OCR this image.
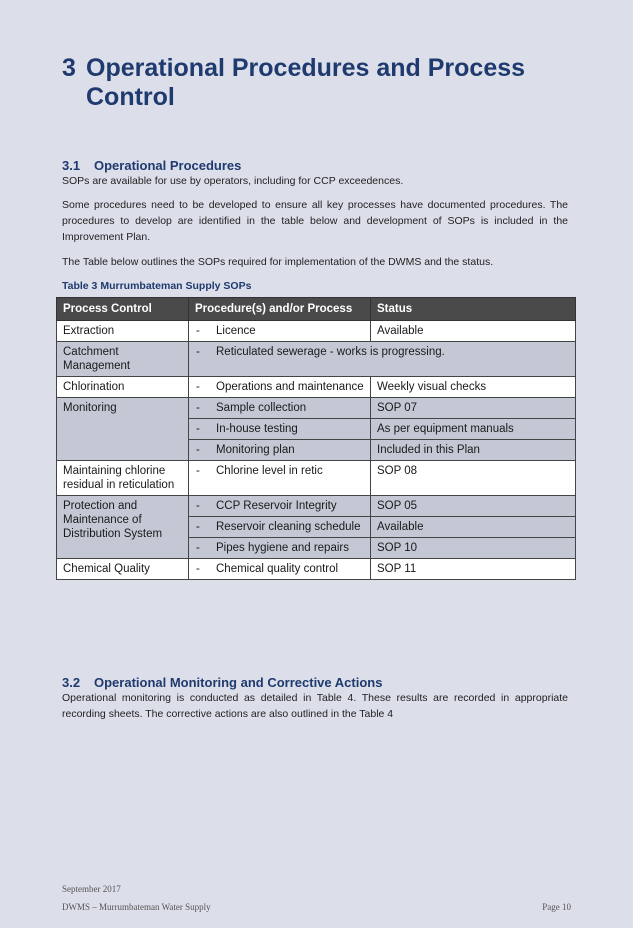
3 Operational Procedures and Process Control
3.1 Operational Procedures
SOPs are available for use by operators, including for CCP exceedences.
Some procedures need to be developed to ensure all key processes have documented procedures. The procedures to develop are identified in the table below and development of SOPs is included in the Improvement Plan.
The Table below outlines the SOPs required for implementation of the DWMS and the status.
Table 3 Murrumbateman Supply SOPs
Process Control	Procedure(s) and/or Process	Status
Extraction	- Licence	Available
Catchment Management	- Reticulated sewerage - works is progressing.	

Chlorination	- Operations and maintenance	Weekly visual checks
Monitoring	- Sample collection	SOP 07

	- In-house testing	As per equipment manuals

	- Monitoring plan	Included in this Plan
Maintaining chlorine residual in reticulation	- Chlorine level in retic	SOP 08
Protection and Maintenance of Distribution System	- CCP Reservoir Integrity	SOP 05

	- Reservoir cleaning schedule	Available

	- Pipes hygiene and repairs	SOP 10
Chemical Quality	- Chemical quality control	SOP 11
3.2 Operational Monitoring and Corrective Actions
Operational monitoring is conducted as detailed in Table 4. These results are recorded in appropriate recording sheets. The corrective actions are also outlined in the Table 4
September 2017
DWMS – Murrumbateman Water Supply	Page 10
